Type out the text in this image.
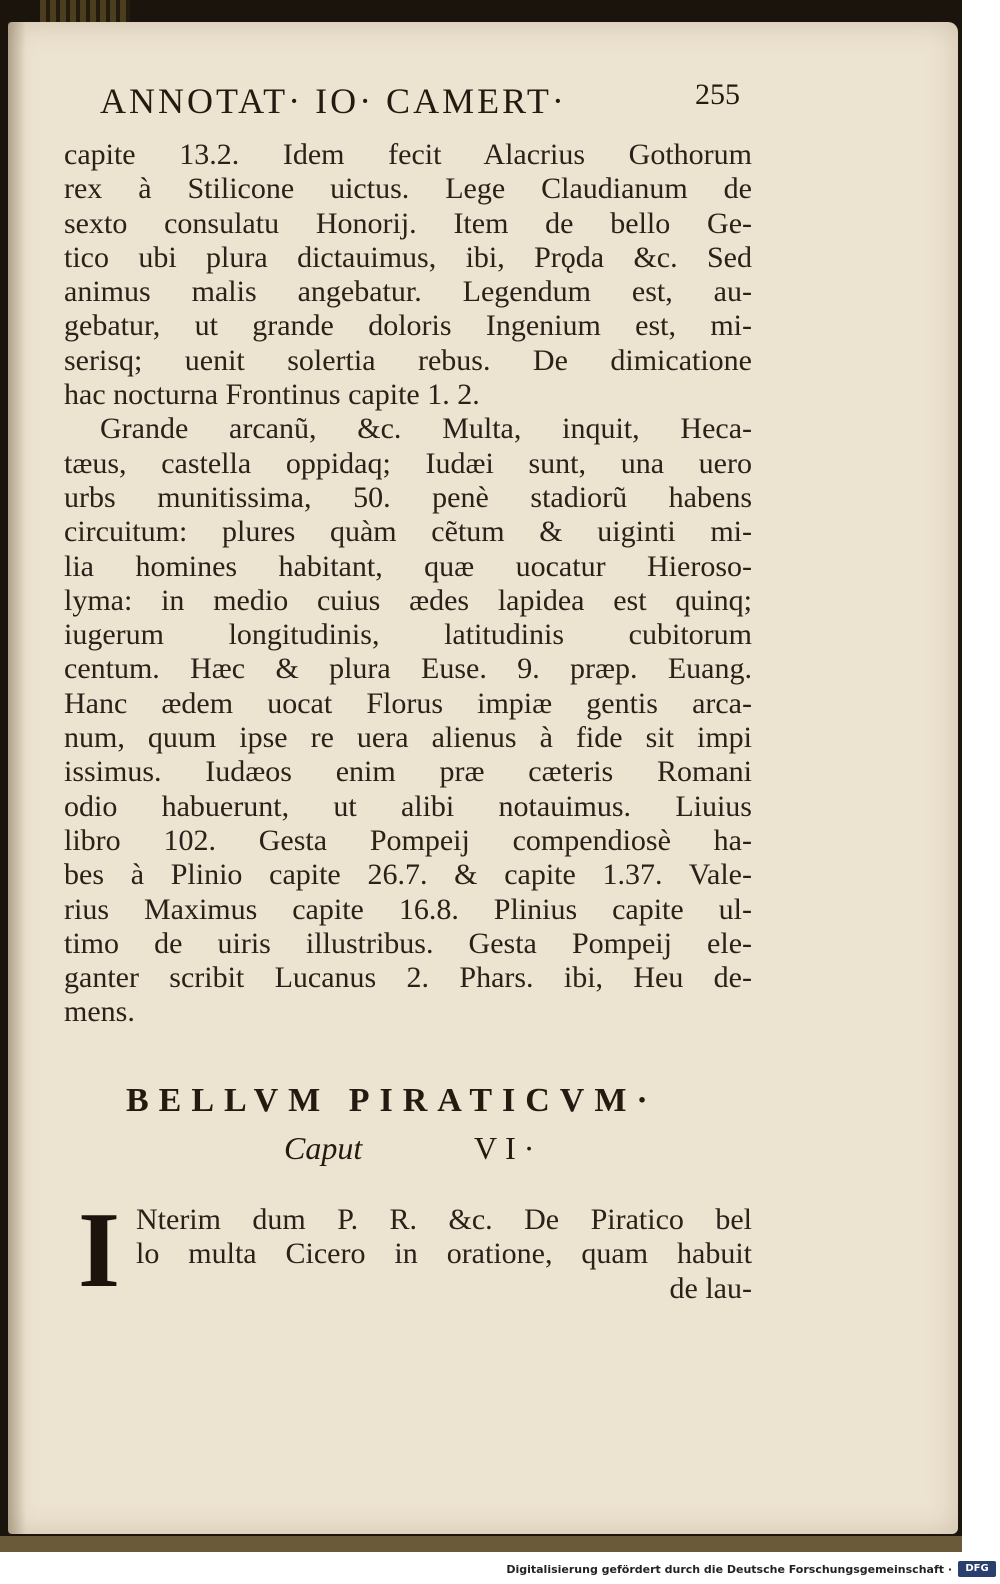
ANNOTAT· IO· CAMERT·	255
capite 13.2. Idem fecit Alacrius Gothorum
rex à Stilicone uictus. Lege Claudianum de
sexto consulatu Honorij. Item de bello Ge-
tico ubi plura dictauimus, ibi, Prǫda &c. Sed
animus malis angebatur. Legendum est, au-
gebatur, ut grande doloris Ingenium est, mi-
serisq; uenit solertia rebus. De dimicatione
hac nocturna Frontinus capite 1. 2.
Grande arcanũ, &c. Multa, inquit, Heca-
tæus, castella oppidaq; Iudæi sunt, una uero
urbs munitissima, 50. penè stadiorũ habens
circuitum: plures quàm cẽtum & uiginti mi-
lia homines habitant, quæ uocatur Hieroso-
lyma: in medio cuius ædes lapidea est quinq;
iugerum longitudinis, latitudinis cubitorum
centum. Hæc & plura Euse. 9. præp. Euang.
Hanc ædem uocat Florus impiæ gentis arca-
num, quum ipse re uera alienus à fide sit impi
issimus. Iudæos enim præ cæteris Romani
odio habuerunt, ut alibi notauimus. Liuius
libro 102. Gesta Pompeij compendiosè ha-
bes à Plinio capite 26.7. & capite 1.37. Vale-
rius Maximus capite 16.8. Plinius capite ul-
timo de uiris illustribus. Gesta Pompeij ele-
ganter scribit Lucanus 2. Phars. ibi, Heu de-
mens.
BELLVM PIRATICVM·
Caput	VI·
I Nterim dum P. R. &c. De Piratico bel
lo multa Cicero in oratione, quam habuit
de lau-
Digitalisierung gefördert durch die Deutsche Forschungsgemeinschaft ·	DFG
